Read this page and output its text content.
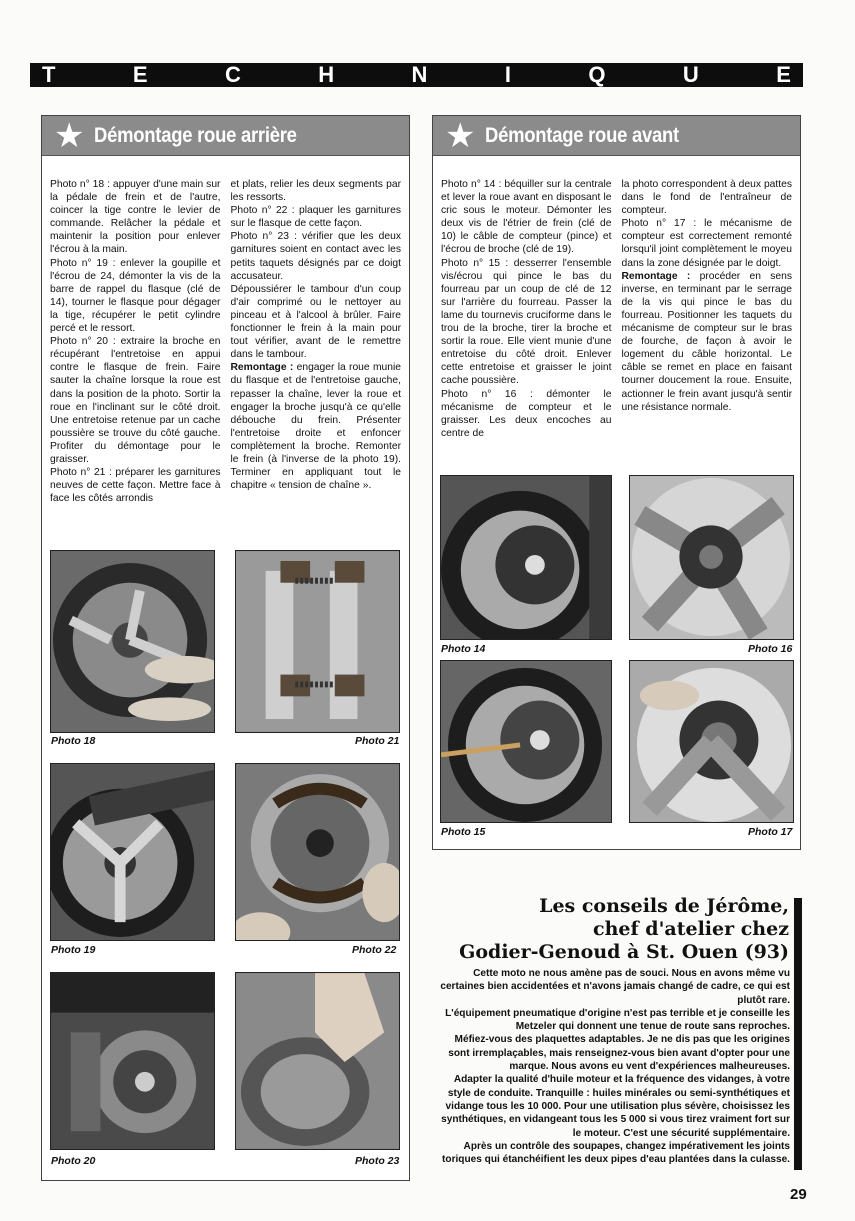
T	E	C	H	N	I	Q	U	E
★ Démontage roue arrière

Photo n° 18 : appuyer d'une main sur la pédale de frein et de l'autre, coincer la tige contre le levier de commande. Relâcher la pédale et maintenir la position pour enlever l'écrou à la main.

Photo n° 19 : enlever la goupille et l'écrou de 24, démonter la vis de la barre de rappel du flasque (clé de 14), tourner le flasque pour dégager la tige, récupérer le petit cylindre percé et le ressort.

Photo n° 20 : extraire la broche en récupérant l'entretoise en appui contre le flasque de frein. Faire sauter la chaîne lorsque la roue est dans la position de la photo. Sortir la roue en l'inclinant sur le côté droit. Une entretoise retenue par un cache poussière se trouve du côté gauche. Profiter du démontage pour le graisser.

Photo n° 21 : préparer les garnitures neuves de cette façon. Mettre face à face les côtés arrondis

et plats, relier les deux segments par les ressorts.

Photo n° 22 : plaquer les garnitures sur le flasque de cette façon.

Photo n° 23 : vérifier que les deux garnitures soient en contact avec les petits taquets désignés par ce doigt accusateur.

Dépoussiérer le tambour d'un coup d'air comprimé ou le nettoyer au pinceau et à l'alcool à brûler. Faire fonctionner le frein à la main pour tout vérifier, avant de le remettre dans le tambour.

Remontage : engager la roue munie du flasque et de l'entretoise gauche, repasser la chaîne, lever la roue et engager la broche jusqu'à ce qu'elle débouche du frein. Présenter l'entretoise droite et enfoncer complètement la broche. Remonter le frein (à l'inverse de la photo 19). Terminer en appliquant tout le chapitre « tension de chaîne ».

Photo 18	Photo 21
Photo 19	Photo 22
Photo 20	Photo 23
★ Démontage roue avant

Photo n° 14 : béquiller sur la centrale et lever la roue avant en disposant le cric sous le moteur. Démonter les deux vis de l'étrier de frein (clé de 10) le câble de compteur (pince) et l'écrou de broche (clé de 19).

Photo n° 15 : desserrer l'ensemble vis/écrou qui pince le bas du fourreau par un coup de clé de 12 sur l'arrière du fourreau. Passer la lame du tournevis cruciforme dans le trou de la broche, tirer la broche et sortir la roue. Elle vient munie d'une entretoise du côté droit. Enlever cette entretoise et graisser le joint cache poussière.

Photo n° 16 : démonter le mécanisme de compteur et le graisser. Les deux encoches au centre de

la photo correspondent à deux pattes dans le fond de l'entraîneur de compteur.

Photo n° 17 : le mécanisme de compteur est correctement remonté lorsqu'il joint complètement le moyeu dans la zone désignée par le doigt.

Remontage : procéder en sens inverse, en terminant par le serrage de la vis qui pince le bas du fourreau. Positionner les taquets du mécanisme de compteur sur le bras de fourche, de façon à avoir le logement du câble horizontal. Le câble se remet en place en faisant tourner doucement la roue. Ensuite, actionner le frein avant jusqu'à sentir une résistance normale.

Photo 14	Photo 16
Photo 15	Photo 17
Les conseils de Jérôme,
chef d'atelier chez
Godier-Genoud à St. Ouen (93)

Cette moto ne nous amène pas de souci. Nous en avons même vu certaines bien accidentées et n'avons jamais changé de cadre, ce qui est plutôt rare.

L'équipement pneumatique d'origine n'est pas terrible et je conseille les Metzeler qui donnent une tenue de route sans reproches.

Méfiez-vous des plaquettes adaptables. Je ne dis pas que les origines sont irremplaçables, mais renseignez-vous bien avant d'opter pour une marque. Nous avons eu vent d'expériences malheureuses.

Adapter la qualité d'huile moteur et la fréquence des vidanges, à votre style de conduite. Tranquille : huiles minérales ou semi-synthétiques et vidange tous les 10 000. Pour une utilisation plus sévère, choisissez les synthétiques, en vidangeant tous les 5 000 si vous tirez vraiment fort sur le moteur. C'est une sécurité supplémentaire.

Après un contrôle des soupapes, changez impérativement les joints toriques qui étanchéifient les deux pipes d'eau plantées dans la culasse.

29
